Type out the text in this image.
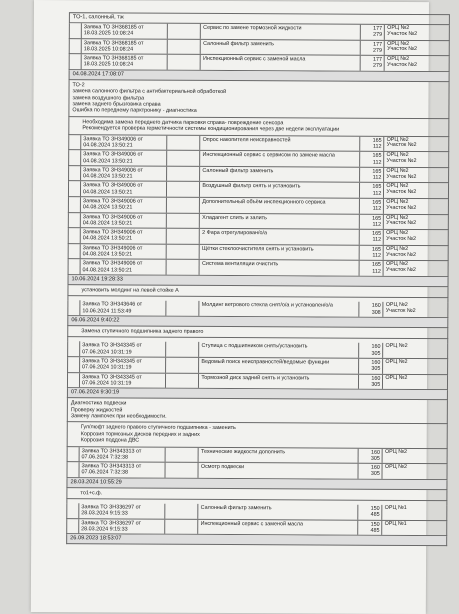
ТО-1, салонный, тж
Заявка ТО ЗН368185 от
18.03.2025 10:08:24
Сервис по замене тормозной жидкости	177 279
ОРЦ №2
Участок №2
Заявка ТО ЗН368185 от
18.03.2025 10:08:24
Салонный фильтр заменить	177 279
ОРЦ №2
Участок №2
Заявка ТО ЗН368185 от
18.03.2025 10:08:24
Инспекционный сервис с заменой масла	177 279
ОРЦ №2
Участок №2
04.08.2024 17:08:07
ТО-2
замена салонного фильтра с антибактериальной обработкой
замена воздушного фильтра
замена заднего брызговика справа
Ошибка по переднему парктронику - диагностика
Необходима замена переднего датчика парковки справа- повреждение сенсора
Рекомендуется проверка герметичности системы кондиционирования через две недели эксплуатации
Заявка ТО ЗН349006 от
04.08.2024 13:50:21
Опрос накопителя неисправностей	165 112
ОРЦ №2
Участок №2
Заявка ТО ЗН349006 от
04.08.2024 13:50:21
Инспекционный сервис с сервисом по замене масла	165 112
ОРЦ №2
Участок №2
Заявка ТО ЗН349006 от
04.08.2024 13:50:21
Салонный фильтр заменить	165 112
ОРЦ №2
Участок №2
Заявка ТО ЗН349006 от
04.08.2024 13:50:21
Воздушный фильтр снять и установить	165 112
ОРЦ №2
Участок №2
Заявка ТО ЗН349006 от
04.08.2024 13:50:21
Дополнительный объём инспекционного сервиса	165 112
ОРЦ №2
Участок №2
Заявка ТО ЗН349006 от
04.08.2024 13:50:21
Хладагент слить и залить	165 112
ОРЦ №2
Участок №2
Заявка ТО ЗН349006 от
04.08.2024 13:50:21
2 Фара отрегулирован/о/а	165 112
ОРЦ №2
Участок №2
Заявка ТО ЗН349006 от
04.08.2024 13:50:21
Щётки стеклоочистителя снять и установить	165 112
ОРЦ №2
Участок №2
Заявка ТО ЗН349006 от
04.08.2024 13:50:21
Система вентиляции очистить	165 112
ОРЦ №2
Участок №2
10.06.2024 19:28:33
установить молдинг на левой стойке А
Заявка ТО ЗН343646 от
10.06.2024 11:53:49
Молдинг ветрового стекла снят/о/а и установлен/о/а	160 308
ОРЦ №2
Участок №2
06.06.2024 9:40:22
Замена ступичного подшипника заднего правого
Заявка ТО ЗН343345 от
07.06.2024 10:31:19
Ступица с подшипником снять/установить	160 305
ОРЦ №2
Заявка ТО ЗН343345 от
07.06.2024 10:31:19
Ведомый поиск неисправностей/ведомые функции	160 305
ОРЦ №2
Заявка ТО ЗН343345 от
07.06.2024 10:31:19
Тормозной диск задний снять и установить	160 305
ОРЦ №2
07.06.2024 9:30:19
Диагностика подвески
Проверку жидкостей
Замену лампочек при необходимости.
Гул/люфт заднего правого ступичного подшипника - заменить
Коррозия тормозных дисков передних и задних
Коррозия поддона ДВС
Заявка ТО ЗН343313 от
07.06.2024 7:32:38
Технические жидкости дополнить	160 305
ОРЦ №2
Заявка ТО ЗН343313 от
07.06.2024 7:32:38
Осмотр подвески	160 305
ОРЦ №2
28.03.2024 10:55:29
то1+с.ф.
Заявка ТО ЗН336297 от
28.03.2024 9:15:33
Салонный фильтр заменить	150 485
ОРЦ №1
Заявка ТО ЗН336297 от
28.03.2024 9:15:33
Инспекционный сервис с заменой масла	150 485
ОРЦ №1
26.09.2023 18:53:07
